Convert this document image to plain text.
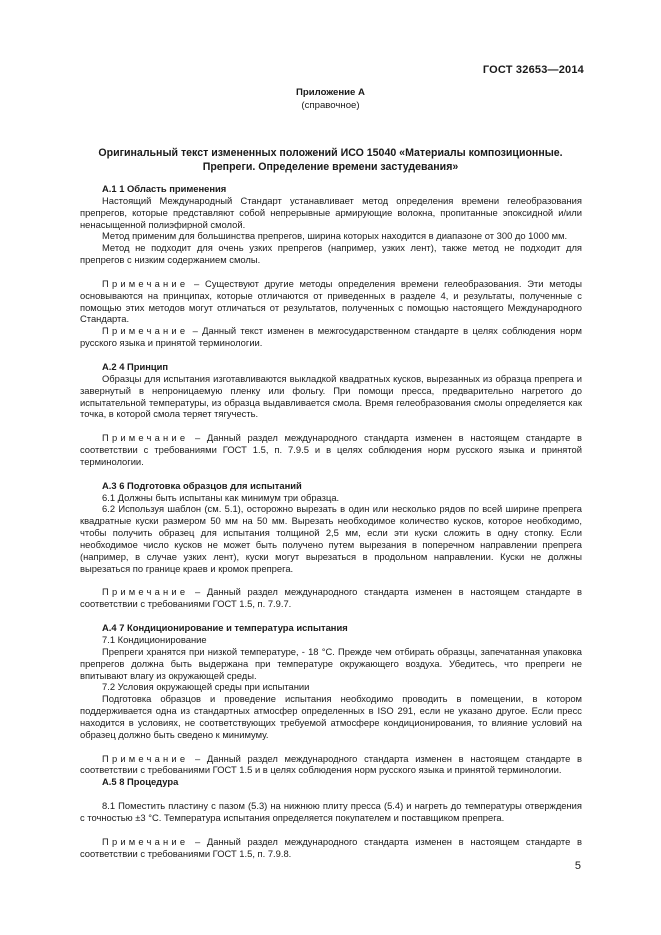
ГОСТ 32653—2014
Приложение А
(справочное)
Оригинальный текст измененных положений ИСО 15040 «Материалы композиционные.
Препреги. Определение времени застудевания»

А.1 1 Область применения

Настоящий Международный Стандарт устанавливает метод определения времени гелеобразования препрегов, которые представляют собой непрерывные армирующие волокна, пропитанные эпоксидной и/или ненасыщенной полиэфирной смолой.

Метод применим для большинства препрегов, ширина которых находится в диапазоне от 300 до 1000 мм.

Метод не подходит для очень узких препрегов (например, узких лент), также метод не подходит для препрегов с низким содержанием смолы.

Примечание – Существуют другие методы определения времени гелеобразования. Эти методы основываются на принципах, которые отличаются от приведенных в разделе 4, и результаты, полученные с помощью этих методов могут отличаться от результатов, полученных с помощью настоящего Международного Стандарта.

Примечание – Данный текст изменен в межгосударственном стандарте в целях соблюдения норм русского языка и принятой терминологии.

А.2 4 Принцип

Образцы для испытания изготавливаются выкладкой квадратных кусков, вырезанных из образца препрега и завернутый в непроницаемую пленку или фольгу. При помощи пресса, предварительно нагретого до испытательной температуры, из образца выдавливается смола. Время гелеобразования смолы определяется как точка, в которой смола теряет тягучесть.

Примечание – Данный раздел международного стандарта изменен в настоящем стандарте в соответствии с требованиями ГОСТ 1.5, п. 7.9.5 и в целях соблюдения норм русского языка и принятой терминологии.

А.3 6 Подготовка образцов для испытаний

6.1 Должны быть испытаны как минимум три образца.

6.2 Используя шаблон (см. 5.1), осторожно вырезать в один или несколько рядов по всей ширине препрега квадратные куски размером 50 мм на 50 мм. Вырезать необходимое количество кусков, которое необходимо, чтобы получить образец для испытания толщиной 2,5 мм, если эти куски сложить в одну стопку. Если необходимое число кусков не может быть получено путем вырезания в поперечном направлении препрега (например, в случае узких лент), куски могут вырезаться в продольном направлении. Куски не должны вырезаться по границе краев и кромок препрега.

Примечание – Данный раздел международного стандарта изменен в настоящем стандарте в соответствии с требованиями ГОСТ 1.5, п. 7.9.7.

А.4 7 Кондиционирование и температура испытания

7.1 Кондиционирование

Препреги хранятся при низкой температуре, - 18 °С. Прежде чем отбирать образцы, запечатанная упаковка препрегов должна быть выдержана при температуре окружающего воздуха. Убедитесь, что препреги не впитывают влагу из окружающей среды.

7.2 Условия окружающей среды при испытании

Подготовка образцов и проведение испытания необходимо проводить в помещении, в котором поддерживается одна из стандартных атмосфер определенных в ISO 291, если не указано другое. Если пресс находится в условиях, не соответствующих требуемой атмосфере кондиционирования, то влияние условий на образец должно быть сведено к минимуму.

Примечание – Данный раздел международного стандарта изменен в настоящем стандарте в соответствии с требованиями ГОСТ 1.5 и в целях соблюдения норм русского языка и принятой терминологии.

А.5 8 Процедура

8.1 Поместить пластину с пазом (5.3) на нижнюю плиту пресса (5.4) и нагреть до температуры отверждения с точностью ±3 °С. Температура испытания определяется покупателем и поставщиком препрега.

Примечание – Данный раздел международного стандарта изменен в настоящем стандарте в соответствии с требованиями ГОСТ 1.5, п. 7.9.8.

5
